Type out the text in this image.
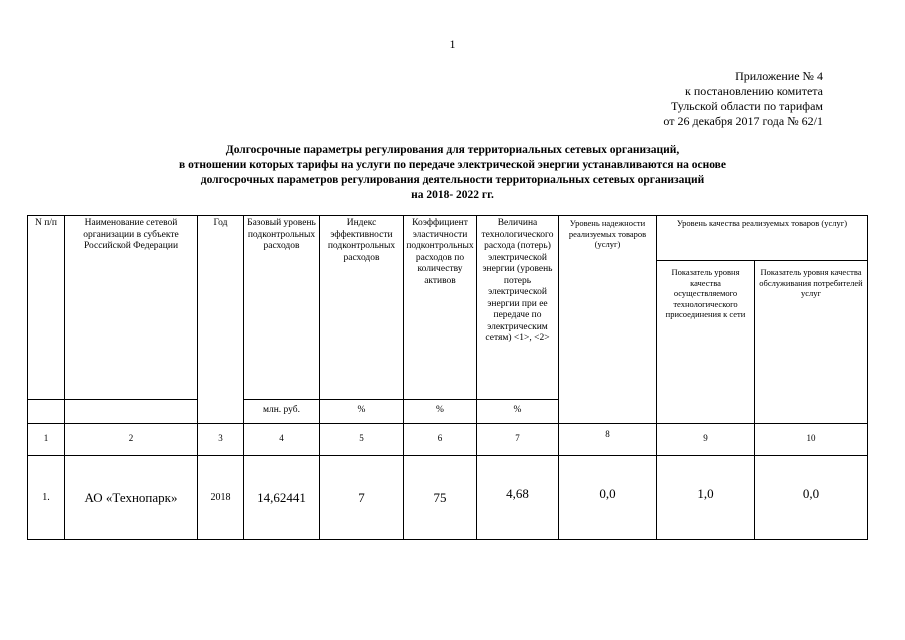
1
Приложение № 4
к постановлению комитета
Тульской области по тарифам
от 26 декабря 2017 года № 62/1
Долгосрочные параметры регулирования для территориальных сетевых организаций,
в отношении которых тарифы на услуги по передаче электрической энергии устанавливаются на основе
долгосрочных параметров регулирования деятельности территориальных сетевых организаций
на 2018- 2022 гг.
N п/п	Наименование сетевой организации в субъекте Российской Федерации	Год	Базовый уровень подконтрольных расходов	Индекс эффективности подконтрольных расходов	Коэффициент эластичности подконтрольных расходов по количеству активов	Величина технологического расхода (потерь) электрической энергии (уровень потерь электрической энергии при ее передаче по электрическим сетям) <1>, <2>	Уровень надежности реализуемых товаров (услуг)	Уровень качества реализуемых товаров (услуг)	
								Показатель уровня качества осуществляемого технологического присоединения к сети	Показатель уровня качества обслуживания потребителей услуг
			млн. руб.	%	%	%			
1	2	3	4	5	6	7	8	9	10
1.	АО «Технопарк»	2018	14,62441	7	75	4,68	0,0	1,0	0,0
